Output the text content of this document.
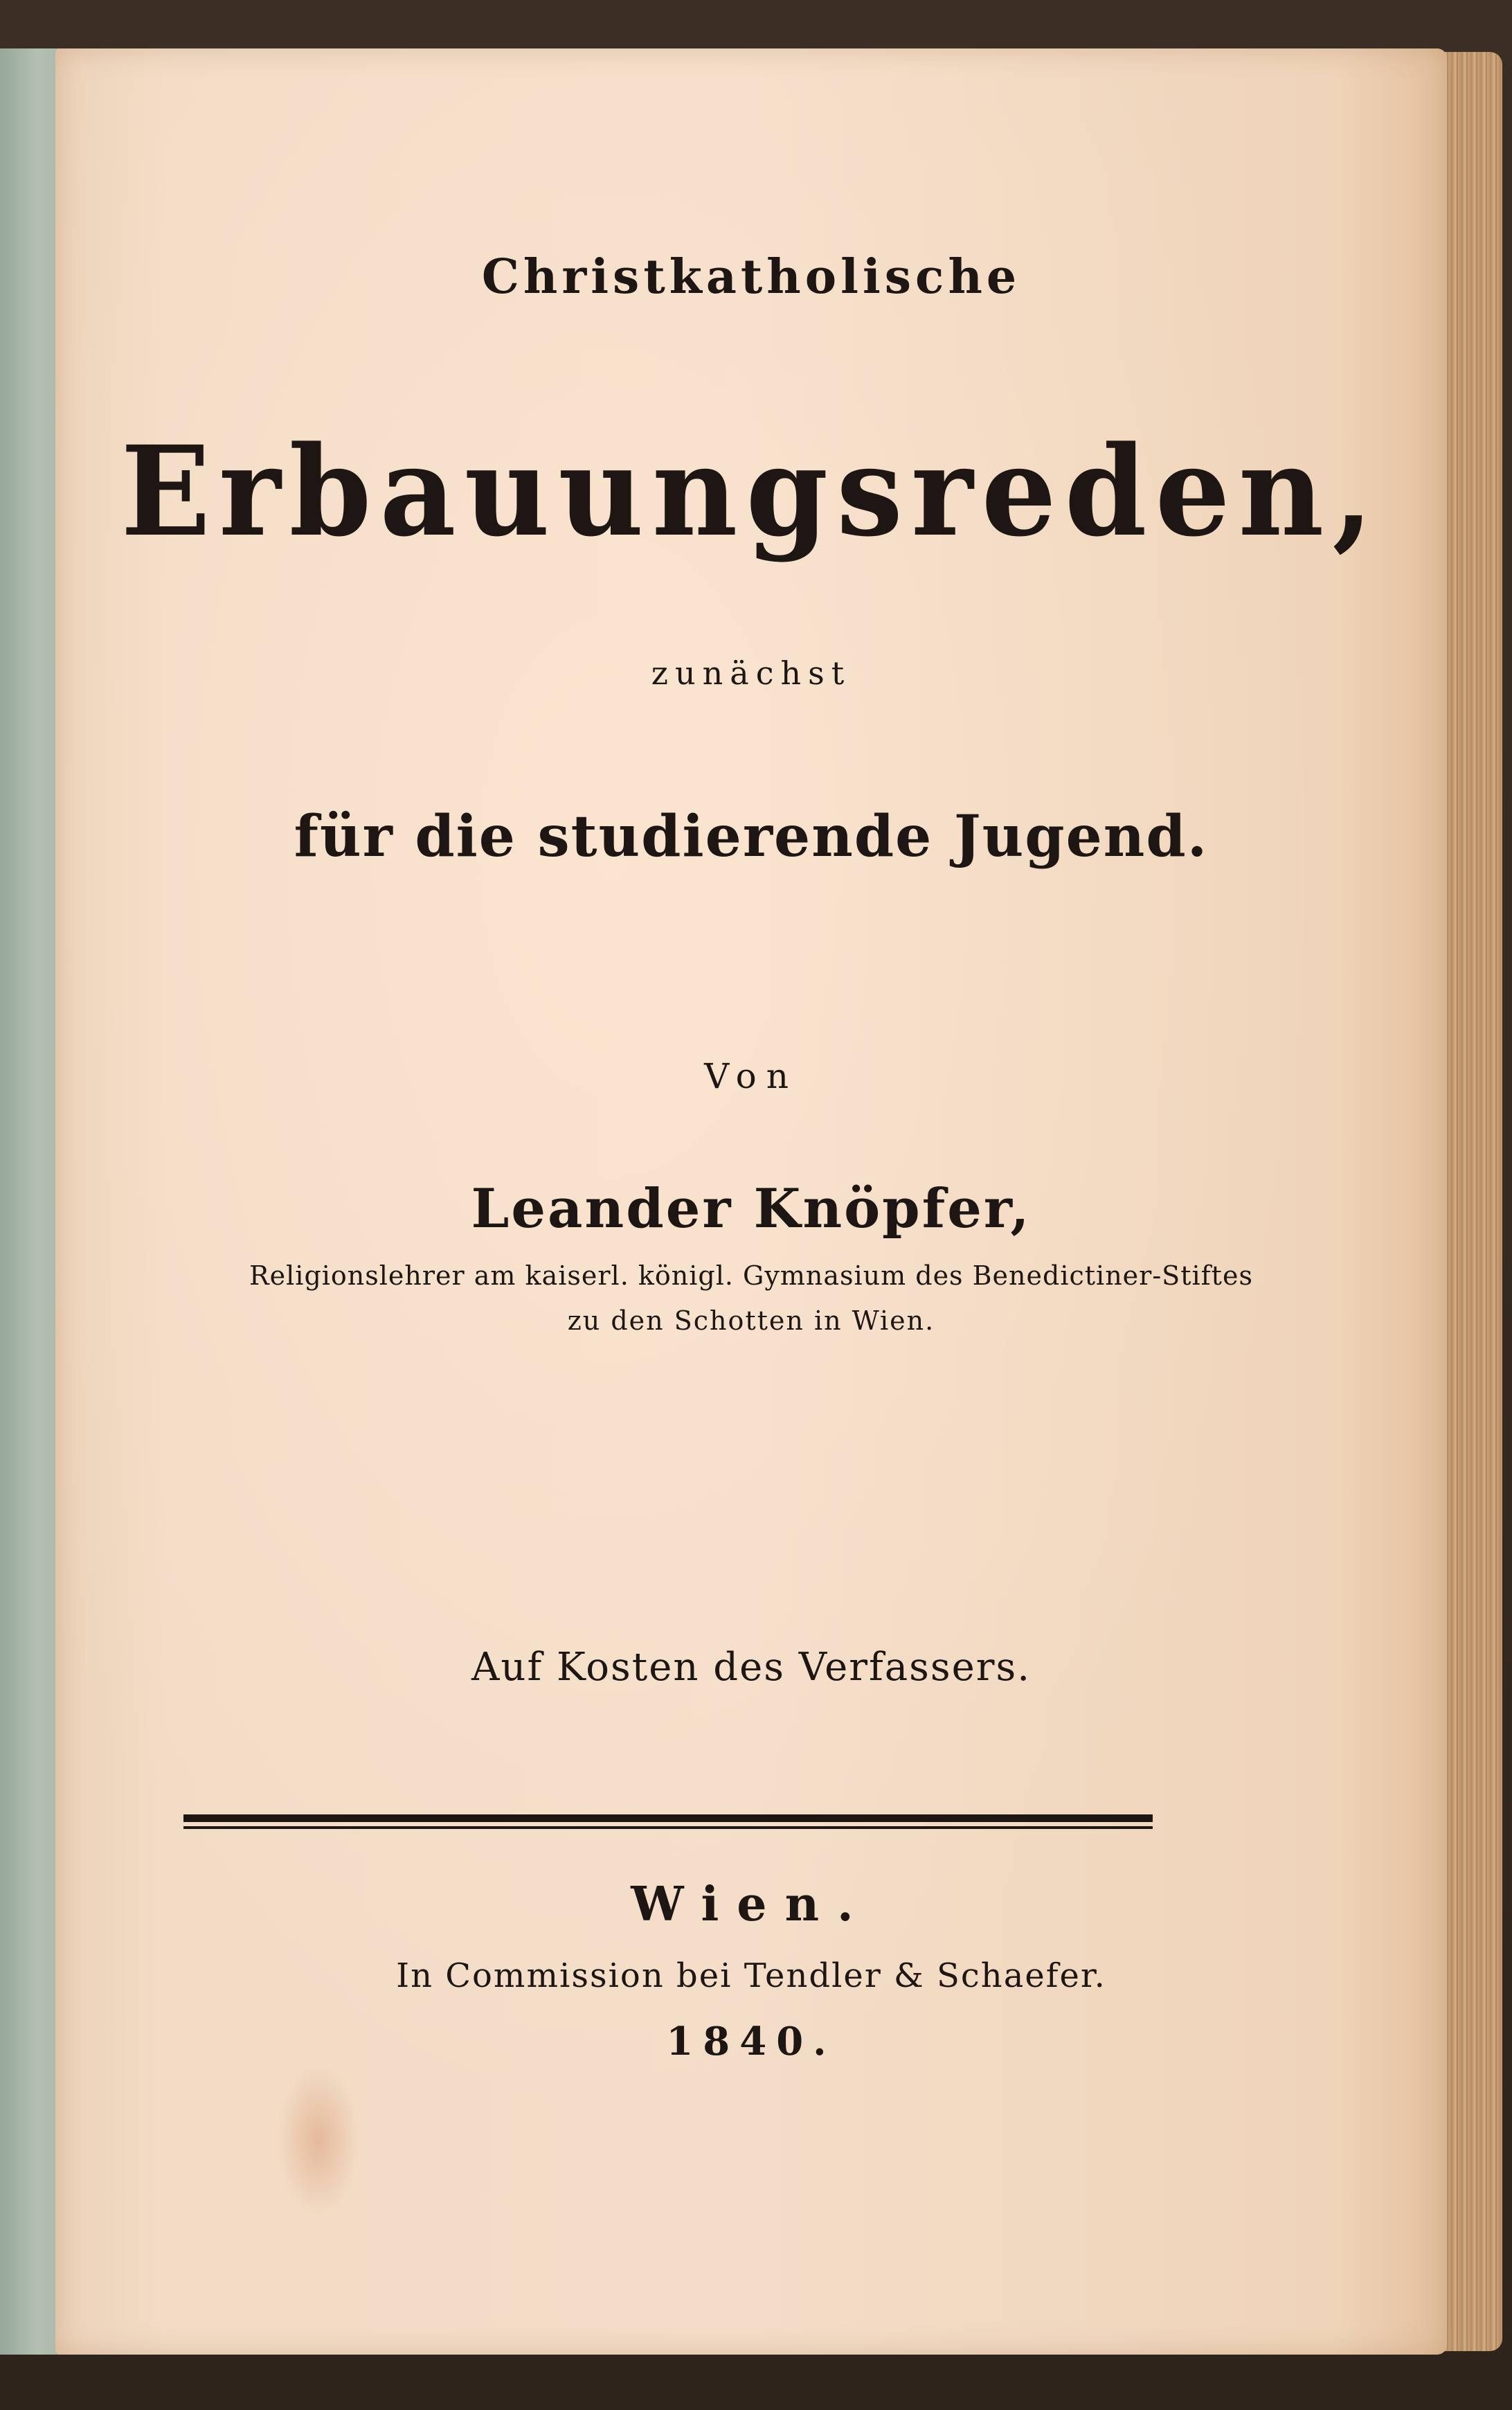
Christkatholische
Erbauungsreden,
zunächst
für die studierende Jugend.
Von
Leander Knöpfer,
Religionslehrer am kaiserl. königl. Gymnasium des Benedictiner-Stiftes
zu den Schotten in Wien.
Auf Kosten des Verfassers.
Wien.
In Commission bei Tendler & Schaefer.
1840.
